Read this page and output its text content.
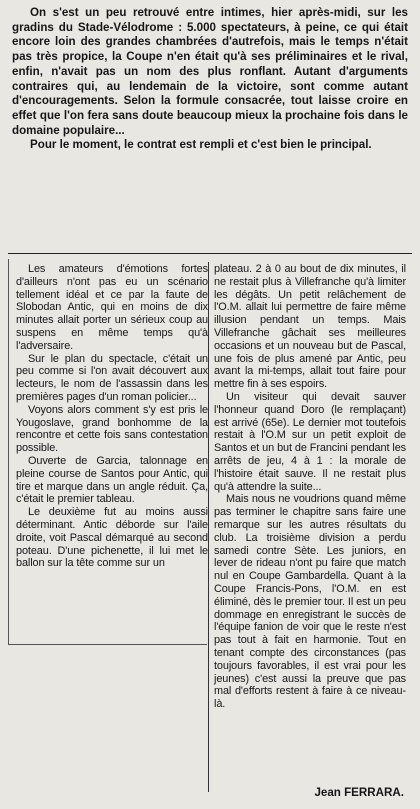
On s'est un peu retrouvé entre intimes, hier après-midi, sur les gradins du Stade-Vélodrome : 5.000 spectateurs, à peine, ce qui était encore loin des grandes chambrées d'autrefois, mais le temps n'était pas très propice, la Coupe n'en était qu'à ses préliminaires et le rival, enfin, n'avait pas un nom des plus ronflant. Autant d'arguments contraires qui, au lendemain de la victoire, sont comme autant d'encouragements. Selon la formule consacrée, tout laisse croire en effet que l'on fera sans doute beaucoup mieux la prochaine fois dans le domaine populaire...

Pour le moment, le contrat est rempli et c'est bien le principal.

Les amateurs d'émotions fortes d'ailleurs n'ont pas eu un scénario tellement idéal et ce par la faute de Slobodan Antic, qui en moins de dix minutes allait porter un sérieux coup au suspens en même temps qu'à l'adversaire.

Sur le plan du spectacle, c'était un peu comme si l'on avait découvert aux lecteurs, le nom de l'assassin dans les premières pages d'un roman policier...

Voyons alors comment s'y est pris le Yougoslave, grand bonhomme de la rencontre et cette fois sans contestation possible.

Ouverte de Garcia, talonnage en pleine course de Santos pour Antic, qui tire et marque dans un angle réduit. Ça, c'était le premier tableau.

Le deuxième fut au moins aussi déterminant. Antic déborde sur l'aile droite, voit Pascal démarqué au second poteau. D'une pichenette, il lui met le ballon sur la tête comme sur un

plateau. 2 à 0 au bout de dix minutes, il ne restait plus à Villefranche qu'à limiter les dégâts. Un petit relâchement de l'O.M. allait lui permettre de faire même illusion pendant un temps. Mais Villefranche gâchait ses meilleures occasions et un nouveau but de Pascal, une fois de plus amené par Antic, peu avant la mi-temps, allait tout faire pour mettre fin à ses espoirs.

Un visiteur qui devait sauver l'honneur quand Doro (le remplaçant) est arrivé (65e). Le dernier mot toutefois restait à l'O.M sur un petit exploit de Santos et un but de Francini pendant les arrêts de jeu, 4 à 1 : la morale de l'histoire était sauve. Il ne restait plus qu'à attendre la suite...

Mais nous ne voudrions quand même pas terminer le chapitre sans faire une remarque sur les autres résultats du club. La troisième division a perdu samedi contre Sète. Les juniors, en lever de rideau n'ont pu faire que match nul en Coupe Gambardella. Quant à la Coupe Francis-Pons, l'O.M. en est éliminé, dès le premier tour. Il est un peu dommage en enregistrant le succès de l'équipe fanion de voir que le reste n'est pas tout à fait en harmonie. Tout en tenant compte des circonstances (pas toujours favorables, il est vrai pour les jeunes) c'est aussi la preuve que pas mal d'efforts restent à faire à ce niveau-là.

Jean FERRARA.
